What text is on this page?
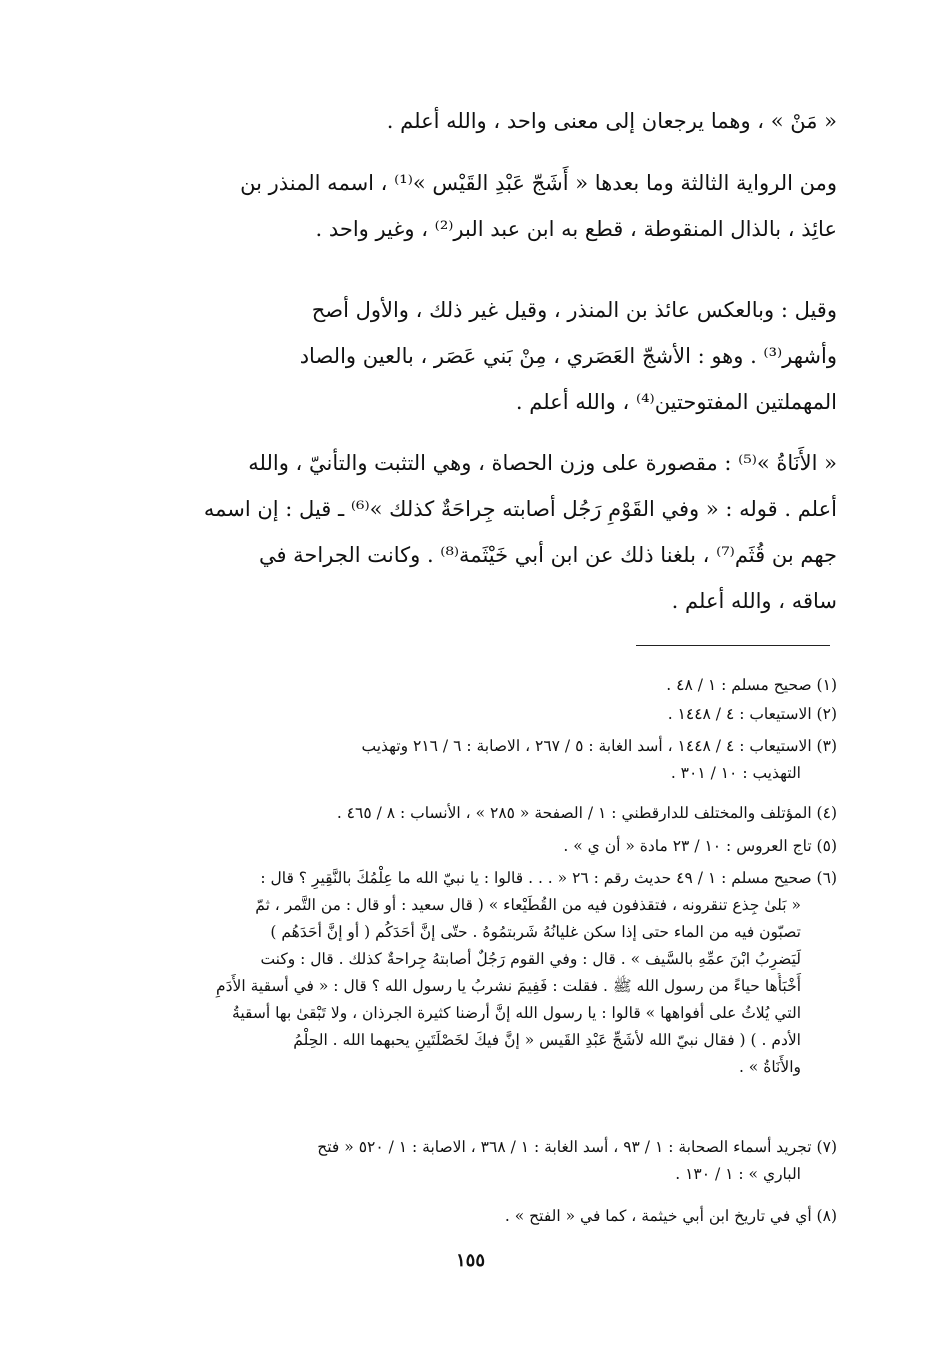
« مَنْ » ، وهما يرجعان إلى معنى واحد ، والله أعلم .
ومن الرواية الثالثة وما بعدها « أَشَجّ عَبْدِ القَيْس »⁽¹⁾ ، اسمه المنذر بن
عائِذ ، بالذال المنقوطة ، قطع به ابن عبد البر⁽²⁾ ، وغير واحد .
وقيل : وبالعكس عائذ بن المنذر ، وقيل غير ذلك ، والأول أصح
وأشهر⁽³⁾ . وهو : الأشجّ العَصَري ، مِنْ بَني عَصَر ، بالعين والصاد
المهملتين المفتوحتين⁽⁴⁾ ، والله أعلم .
« الأَنَاةُ »⁽⁵⁾ : مقصورة على وزن الحصاة ، وهي التثبت والتأنيّ ، والله
أعلم . قوله : « وفي القَوْمِ رَجُل أصابته جِراحَةٌ كذلك »⁽⁶⁾ ـ قيل : إن اسمه
جهم بن قُثَم⁽⁷⁾ ، بلغنا ذلك عن ابن أبي خَيْثَمة⁽⁸⁾ . وكانت الجراحة في
ساقه ، والله أعلم .
(١) صحيح مسلم : ١ / ٤٨ .
(٢) الاستيعاب : ٤ / ١٤٤٨ .
(٣) الاستيعاب : ٤ / ١٤٤٨ ، أسد الغابة : ٥ / ٢٦٧ ، الاصابة : ٦ / ٢١٦ وتهذيب
التهذيب : ١٠ / ٣٠١ .
(٤) المؤتلف والمختلف للدارقطني : ١ / الصفحة « ٢٨٥ » ، الأنساب : ٨ / ٤٦٥ .
(٥) تاج العروس : ١٠ / ٢٣ مادة « أن ي » .
(٦) صحيح مسلم : ١ / ٤٩ حديث رقم : ٢٦ « . . . قالوا : يا نبيّ الله ما عِلْمُكَ بالنَّقِيرِ ؟ قال :
« بَلىٰ جِذع تنقرونه ، فتقذفون فيه من القُطَيْعاء » ( قال سعيد : أو قال : من التَّمر ، ثمّ
تصبّون فيه من الماء حتى إذا سكن غليانُهُ شَربتمُوهُ . حتّى إنَّ أحَدَكُم ( أو إنَّ أحَدَهُم )
لَيَضرِبُ ابْنَ عمِّهِ بالسَّيف » . قال : وفي القوم رَجُلٌ أصابتهُ جِراحةٌ كذلك . قال : وكنت
أَخْبَأُها حياءً من رسول الله ﷺ . فقلت : فَفِيمَ نشربُ يا رسول الله ؟ قال : « في أسقية الأَدَمِ
التي يُلاثُ على أفواهها » قالوا : يا رسول الله إنَّ أرضنا كثيرة الجرذان ، ولا تَبْقىٰ بها أسقيةُ
الأدم . ) ( فقال نبيّ الله لأشَجِّ عَبْدِ القَيس « إنَّ فيكَ لخَصْلَتَينِ يحبهما الله . الحِلْمُ
والأَنَاةُ » .
(٧) تجريد أسماء الصحابة : ١ / ٩٣ ، أسد الغابة : ١ / ٣٦٨ ، الاصابة : ١ / ٥٢٠ « فتح
الباري » : ١ / ١٣٠ .
(٨) أي في تاريخ ابن أبي خيثمة ، كما في « الفتح » .
١٥٥
